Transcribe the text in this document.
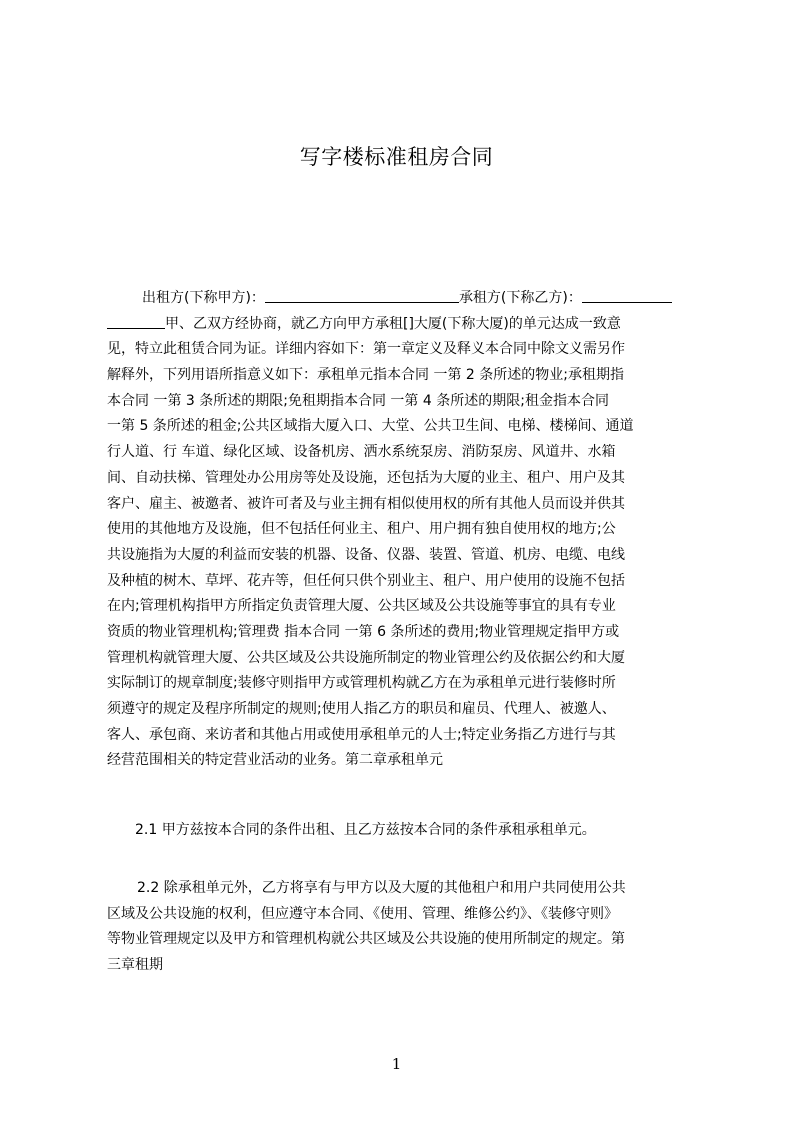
写字楼标准租房合同
出租方(下称甲方)：	承租方(下称乙方)：
甲、乙双方经协商，就乙方向甲方承租[]大厦(下称大厦)的单元达成一致意
见，特立此租赁合同为证。详细内容如下：第一章定义及释义本合同中除文义需另作
解释外，下列用语所指意义如下：承租单元指本合同 一第 2 条所述的物业;承租期指
本合同 一第 3 条所述的期限;免租期指本合同 一第 4 条所述的期限;租金指本合同
一第 5 条所述的租金;公共区域指大厦入口、大堂、公共卫生间、电梯、楼梯间、通道
行人道、行 车道、绿化区域、设备机房、洒水系统泵房、消防泵房、风道井、水箱
间、自动扶梯、管理处办公用房等处及设施，还包括为大厦的业主、租户、用户及其
客户、雇主、被邀者、被许可者及与业主拥有相似使用权的所有其他人员而设并供其
使用的其他地方及设施，但不包括任何业主、租户、用户拥有独自使用权的地方;公
共设施指为大厦的利益而安装的机器、设备、仪器、装置、管道、机房、电缆、电线
及种植的树木、草坪、花卉等，但任何只供个别业主、租户、用户使用的设施不包括
在内;管理机构指甲方所指定负责管理大厦、公共区域及公共设施等事宜的具有专业
资质的物业管理机构;管理费 指本合同 一第 6 条所述的费用;物业管理规定指甲方或
管理机构就管理大厦、公共区域及公共设施所制定的物业管理公约及依据公约和大厦
实际制订的规章制度;装修守则指甲方或管理机构就乙方在为承租单元进行装修时所
须遵守的规定及程序所制定的规则;使用人指乙方的职员和雇员、代理人、被邀人、
客人、承包商、来访者和其他占用或使用承租单元的人士;特定业务指乙方进行与其
经营范围相关的特定营业活动的业务。第二章承租单元
2.1 甲方兹按本合同的条件出租、且乙方兹按本合同的条件承租承租单元。
2.2 除承租单元外，乙方将享有与甲方以及大厦的其他租户和用户共同使用公共
区域及公共设施的权利，但应遵守本合同、《使用、管理、维修公约》、《装修守则》
等物业管理规定以及甲方和管理机构就公共区域及公共设施的使用所制定的规定。第
三章租期
1
